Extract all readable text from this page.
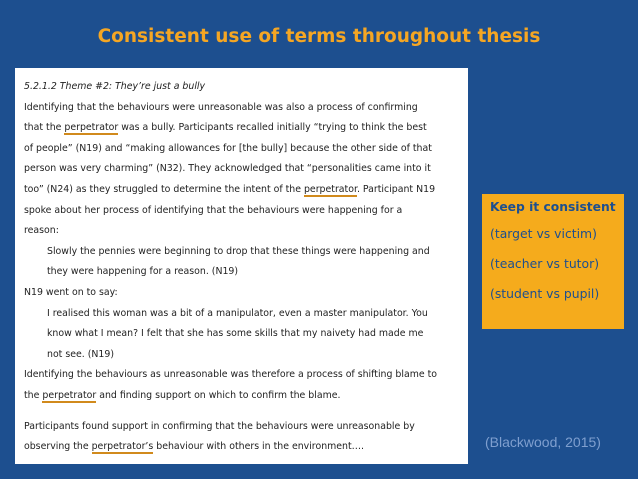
Consistent use of terms throughout thesis
5.2.1.2 Theme #2: They’re just a bully
Identifying that the behaviours were unreasonable was also a process of confirming
that the perpetrator was a bully. Participants recalled initially “trying to think the best
of people” (N19) and “making allowances for [the bully] because the other side of that
person was very charming” (N32). They acknowledged that “personalities came into it
too” (N24) as they struggled to determine the intent of the perpetrator. Participant N19
spoke about her process of identifying that the behaviours were happening for a
reason:
Slowly the pennies were beginning to drop that these things were happening and
they were happening for a reason. (N19)
N19 went on to say:
I realised this woman was a bit of a manipulator, even a master manipulator. You
know what I mean? I felt that she has some skills that my naivety had made me
not see. (N19)
Identifying the behaviours as unreasonable was therefore a process of shifting blame to
the perpetrator and finding support on which to confirm the blame.
Participants found support in confirming that the behaviours were unreasonable by
observing the perpetrator’s behaviour with others in the environment….
Keep it consistent
(target vs victim)
(teacher vs tutor)
(student vs pupil)
(Blackwood, 2015)
